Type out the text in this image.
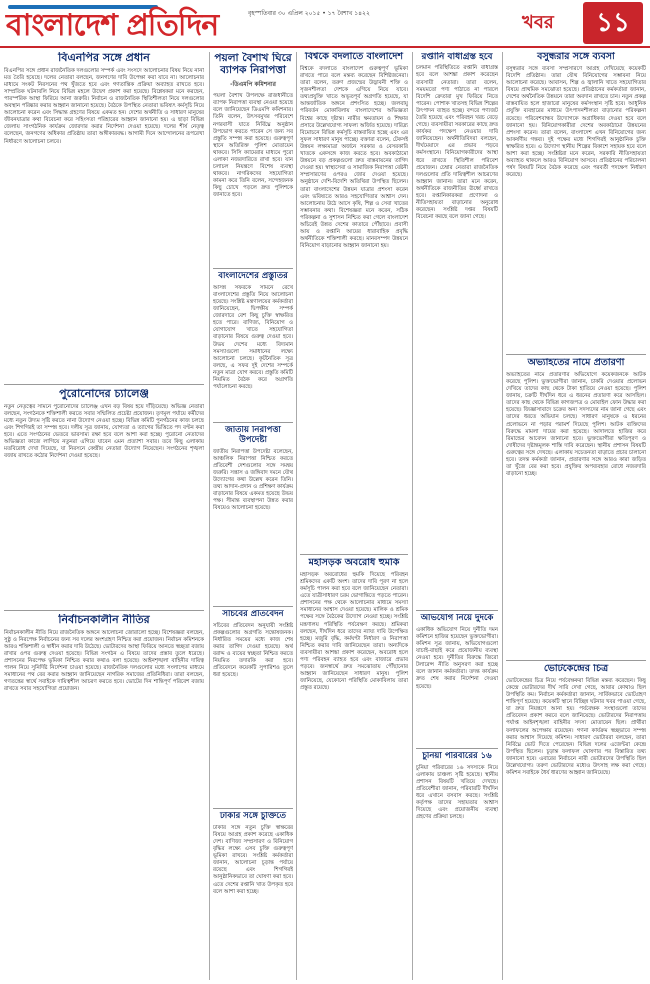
বাংলাদেশ প্রতিদিন	বৃহস্পতিবার ৩০ এপ্রিল ২০১৫ • ১৭ বৈশাখ ১৪২২	খবর	১১
বিএনপির সঙ্গে প্রধান

বিএনপির সঙ্গে প্রধান রাজনৈতিক দলগুলোর সম্পর্ক এবং সংসদে আলোচনার বিষয় নিয়ে নানা মত তৈরি হয়েছে। দলের নেতারা বলছেন, জনগণের দাবি উপেক্ষা করা যাবে না। আলোচনার মাধ্যমে সংকট নিরসনের পথ খুঁজতে হবে এবং গণতান্ত্রিক প্রক্রিয়া অব্যাহত রাখতে হবে। সাম্প্রতিক ঘটনাবলি নিয়ে বিভিন্ন মহলে উদ্বেগ প্রকাশ করা হয়েছে। বিশ্লেষকরা মনে করছেন, পারস্পরিক আস্থা ফিরিয়ে আনা জরুরি। নির্বাচন ও রাজনৈতিক স্থিতিশীলতা নিয়ে দলগুলোর অবস্থান পরিষ্কার করার আহ্বান জানানো হয়েছে। বৈঠকে উপস্থিত নেতারা ভবিষ্যৎ কর্মসূচি নিয়ে আলোচনা করেন এবং সিদ্ধান্ত গ্রহণের বিষয়ে একমত হন। দেশের অর্থনীতি ও সাধারণ মানুষের জীবনযাত্রার কথা বিবেচনা করে সহিংসতা পরিহারের আহ্বান জানানো হয়। এ ছাড়া বিভিন্ন জেলায় সাংগঠনিক কার্যক্রম জোরদার করার নির্দেশনা দেওয়া হয়েছে। দলের শীর্ষ নেতৃত্ব বলেছেন, জনগণের অধিকার প্রতিষ্ঠায় তারা অঙ্গীকারবদ্ধ। আগামী দিনে আন্দোলনের রূপরেখা নির্ধারণে আলোচনা চলবে।

পুরোনোদের চ্যালেঞ্জ

নতুন নেতৃত্বের সামনে পুরোনোদের চ্যালেঞ্জ এখন বড় বিষয় হয়ে দাঁড়িয়েছে। অভিজ্ঞ নেতারা বলছেন, সংগঠনকে শক্তিশালী করতে সবার সম্মিলিত প্রচেষ্টা প্রয়োজন। তৃণমূল পর্যায়ে কর্মীদের মধ্যে নতুন উদ্যম সৃষ্টি করতে নানা উদ্যোগ নেওয়া হচ্ছে। বিভিন্ন কমিটি পুনর্গঠনের কাজ চলছে এবং শিগগিরই তা সম্পন্ন হবে। দলীয় সূত্র জানায়, যোগ্যতা ও ত্যাগের ভিত্তিতে পদ বণ্টন করা হবে। এতে সংগঠনের ভেতরে ভারসাম্য রক্ষা হবে বলে আশা করা হচ্ছে। পুরোনো নেতাদের অভিজ্ঞতা কাজে লাগিয়ে নতুনরা এগিয়ে যাবেন এমন প্রত্যাশা সবার। তবে কিছু এলাকায় মতবিরোধ দেখা দিয়েছে, যা নিরসনে কেন্দ্রীয় নেতারা উদ্যোগ নিয়েছেন। সংগঠনের শৃঙ্খলা বজায় রাখতে কঠোর নির্দেশনা দেওয়া হয়েছে।

নির্বাচনকালীন নীতির

নির্বাচনকালীন নীতি নিয়ে রাজনৈতিক অঙ্গনে আলোচনা জোরালো হচ্ছে। বিশেষজ্ঞরা বলছেন, সুষ্ঠু ও নিরপেক্ষ নির্বাচনের জন্য সব দলের অংশগ্রহণ নিশ্চিত করা প্রয়োজন। নির্বাচন কমিশনকে আরও শক্তিশালী ও স্বাধীন করার দাবি উঠেছে। ভোটারদের আস্থা ফিরিয়ে আনতে স্বচ্ছতা বজায় রাখার ওপর গুরুত্ব দেওয়া হয়েছে। বিভিন্ন সংগঠন এ বিষয়ে তাদের প্রস্তাব তুলে ধরেছে। প্রশাসনের নিরপেক্ষ ভূমিকা নিশ্চিত করার কথাও বলা হয়েছে। আইনশৃঙ্খলা বাহিনীর দায়িত্ব পালন নিয়ে সুনির্দিষ্ট নির্দেশনা চাওয়া হয়েছে। রাজনৈতিক দলগুলোর মধ্যে সংলাপের মাধ্যমে সমাধানের পথ বের করার আহ্বান জানিয়েছেন নাগরিক সমাজের প্রতিনিধিরা। তারা বলছেন, গণতন্ত্রের স্বার্থে সবাইকে দায়িত্বশীল আচরণ করতে হবে। ভোটের দিন শান্তিপূর্ণ পরিবেশ বজায় রাখতে সবার সহযোগিতা প্রয়োজন।

পয়লা বৈশাখ ঘিরে ব্যাপক নিরাপত্তা
-ডিএমপি কমিশনার

পয়লা বৈশাখ উপলক্ষে রাজধানীতে ব্যাপক নিরাপত্তা ব্যবস্থা নেওয়া হয়েছে বলে জানিয়েছেন ডিএমপি কমিশনার। তিনি বলেন, উৎসবমুখর পরিবেশে নগরবাসী যাতে নির্বিঘ্নে অনুষ্ঠান উপভোগ করতে পারেন সে জন্য সব প্রস্তুতি সম্পন্ন করা হয়েছে। গুরুত্বপূর্ণ স্থানে অতিরিক্ত পুলিশ মোতায়েন থাকবে। সিসি ক্যামেরার মাধ্যমে পুরো এলাকা নজরদারিতে রাখা হবে। যান চলাচল নিয়ন্ত্রণে বিশেষ ব্যবস্থা থাকবে। নাগরিকদের সহযোগিতা কামনা করে তিনি বলেন, সন্দেহজনক কিছু চোখে পড়লে দ্রুত পুলিশকে জানাতে হবে।

বাংলাদেশের প্রস্তুতির

আসন্ন সফরকে সামনে রেখে বাংলাদেশের প্রস্তুতি নিয়ে আলোচনা হয়েছে। সংশ্লিষ্ট মন্ত্রণালয়ের কর্মকর্তারা জানিয়েছেন, দ্বিপক্ষীয় সম্পর্ক জোরদারে বেশ কিছু চুক্তি স্বাক্ষরিত হতে পারে। বাণিজ্য, বিনিয়োগ ও যোগাযোগ খাতে সহযোগিতা বাড়ানোর বিষয়ে গুরুত্ব দেওয়া হবে। উভয় দেশের মধ্যে বিদ্যমান সমস্যাগুলো সমাধানের লক্ষ্যে আলোচনা চলছে। কূটনৈতিক সূত্র বলছে, এ সফর দুই দেশের সম্পর্কে নতুন মাত্রা যোগ করবে। প্রস্তুতি কমিটি নিয়মিত বৈঠক করে অগ্রগতি পর্যালোচনা করছে।

জাতীয় নিরাপত্তা উপদেষ্টা

জাতীয় নিরাপত্তা উপদেষ্টা বলেছেন, আঞ্চলিক নিরাপত্তা নিশ্চিত করতে প্রতিবেশী দেশগুলোর সঙ্গে সমন্বয় জরুরি। সন্ত্রাস ও জঙ্গিবাদ দমনে যৌথ উদ্যোগের কথা উল্লেখ করেন তিনি। তথ্য আদান-প্রদান ও প্রশিক্ষণ কার্যক্রম বাড়ানোর বিষয়ে একমত হয়েছে উভয় পক্ষ। সীমান্ত ব্যবস্থাপনা উন্নত করার বিষয়েও আলোচনা হয়েছে।

সচিবের প্রতিবেদন

সচিবের প্রতিবেদন অনুযায়ী সংশ্লিষ্ট প্রকল্পগুলোর অগ্রগতি সন্তোষজনক। নির্ধারিত সময়ের মধ্যে কাজ শেষ করার তাগিদ দেওয়া হয়েছে। অর্থ বরাদ্দ ও ব্যয়ের স্বচ্ছতা নিশ্চিত করতে নিয়মিত তদারকি করা হবে। প্রতিবেদনে কয়েকটি সুপারিশও তুলে ধরা হয়েছে।

ঢাকার সঙ্গে চুক্তিতে

ঢাকার সঙ্গে নতুন চুক্তি স্বাক্ষরের বিষয়ে আগ্রহ প্রকাশ করেছে একাধিক দেশ। বাণিজ্য সম্প্রসারণ ও বিনিয়োগ বৃদ্ধির লক্ষ্যে এসব চুক্তি গুরুত্বপূর্ণ ভূমিকা রাখবে। সংশ্লিষ্ট কর্মকর্তারা জানান, আলোচনা চূড়ান্ত পর্যায়ে রয়েছে এবং শিগগিরই আনুষ্ঠানিকভাবে তা ঘোষণা করা হবে। এতে দেশের রপ্তানি খাত উপকৃত হবে বলে আশা করা হচ্ছে।

বিশ্বকে বদলাতে বাংলাদেশ

বিশ্বকে বদলাতে বাংলাদেশ গুরুত্বপূর্ণ ভূমিকা রাখতে পারে বলে মন্তব্য করেছেন বিশিষ্টজনেরা। তারা বলেন, তরুণ প্রজন্মের উদ্ভাবনী শক্তি ও সৃজনশীলতা দেশকে এগিয়ে নিয়ে যাবে। তথ্যপ্রযুক্তি খাতে অভূতপূর্ব অগ্রগতি হয়েছে, যা আন্তর্জাতিক অঙ্গনে প্রশংসিত হচ্ছে। জলবায়ু পরিবর্তন মোকাবিলায় বাংলাদেশের অভিজ্ঞতা বিশ্বের কাছে দৃষ্টান্ত। নারীর ক্ষমতায়ন ও শিক্ষার প্রসারে উল্লেখযোগ্য সাফল্য অর্জিত হয়েছে। দারিদ্র্য বিমোচনে বিভিন্ন কর্মসূচি বাস্তবায়িত হচ্ছে এবং এর সুফল সাধারণ মানুষ পাচ্ছে। বক্তারা বলেন, টেকসই উন্নয়ন লক্ষ্যমাত্রা অর্জনে সরকার ও বেসরকারি খাতকে একসঙ্গে কাজ করতে হবে। অবকাঠামো উন্নয়নে বড় প্রকল্পগুলো দ্রুত বাস্তবায়নের তাগিদ দেওয়া হয়। স্বাস্থ্যসেবা ও সামাজিক নিরাপত্তা বেষ্টনী সম্প্রসারণের ওপরও জোর দেওয়া হয়েছে। অনুষ্ঠানে দেশি-বিদেশি অতিথিরা উপস্থিত ছিলেন। তারা বাংলাদেশের উন্নয়ন যাত্রার প্রশংসা করেন এবং ভবিষ্যতে আরও সহযোগিতার আশ্বাস দেন। আলোচনায় উঠে আসে কৃষি, শিল্প ও সেবা খাতের সম্ভাবনার কথা। বিশেষজ্ঞরা মনে করেন, সঠিক পরিকল্পনা ও সুশাসন নিশ্চিত করা গেলে বাংলাদেশ অচিরেই উন্নত দেশের কাতারে পৌঁছাবে। প্রবাসী আয় ও রপ্তানি আয়ের ধারাবাহিক প্রবৃদ্ধি অর্থনীতিকে শক্তিশালী করছে। মানবসম্পদ উন্নয়নে বিনিয়োগ বাড়ানোর আহ্বান জানানো হয়।

মহাসড়ক অবরোধ হুমকি

মহাসড়ক অবরোধের হুমকি দিয়েছে পরিবহন শ্রমিকদের একটি অংশ। তাদের দাবি পূরণ না হলে কর্মসূচি পালন করা হবে বলে জানিয়েছেন নেতারা। এতে যাত্রীসাধারণ চরম ভোগান্তিতে পড়তে পারেন। প্রশাসনের পক্ষ থেকে আলোচনার মাধ্যমে সমস্যা সমাধানের আশ্বাস দেওয়া হয়েছে। মালিক ও শ্রমিক পক্ষের সঙ্গে বৈঠকের উদ্যোগ নেওয়া হচ্ছে। সংশ্লিষ্ট মন্ত্রণালয় পরিস্থিতি পর্যবেক্ষণ করছে। শ্রমিকরা বলছেন, দীর্ঘদিন ধরে তাদের ন্যায্য দাবি উপেক্ষিত হচ্ছে। মজুরি বৃদ্ধি, কর্মঘণ্টা নির্ধারণ ও নিরাপত্তা নিশ্চিত করার দাবি জানিয়েছেন তারা। অন্যদিকে ব্যবসায়ীরা আশঙ্কা প্রকাশ করেছেন, অবরোধ হলে পণ্য পরিবহন ব্যাহত হবে এবং বাজারে প্রভাব পড়বে। জনস্বার্থে দ্রুত সমঝোতায় পৌঁছানোর আহ্বান জানিয়েছেন সাধারণ মানুষ। পুলিশ জানিয়েছে, যেকোনো পরিস্থিতি মোকাবিলায় তারা প্রস্তুত রয়েছে।

রপ্তানি বাধাগ্রস্ত হবে

চলমান পরিস্থিতিতে রপ্তানি বাধাগ্রস্ত হবে বলে আশঙ্কা প্রকাশ করেছেন ব্যবসায়ী নেতারা। তারা বলেন, সময়মতো পণ্য পাঠাতে না পারলে বিদেশি ক্রেতারা মুখ ফিরিয়ে নিতে পারেন। পোশাক খাতসহ বিভিন্ন শিল্পের উৎপাদন ব্যাহত হচ্ছে। বন্দরে পণ্যজট তৈরি হয়েছে এবং পরিবহন খরচ বেড়ে গেছে। ব্যবসায়ীরা সরকারের কাছে দ্রুত কার্যকর পদক্ষেপ নেওয়ার দাবি জানিয়েছেন। অর্থনীতিবিদরা বলছেন, দীর্ঘমেয়াদে এর প্রভাব পড়বে কর্মসংস্থানে। বিনিয়োগকারীদের আস্থা ধরে রাখতে স্থিতিশীল পরিবেশ প্রয়োজন। চেম্বার নেতারা রাজনৈতিক দলগুলোর প্রতি দায়িত্বশীল আচরণের আহ্বান জানান। তারা মনে করেন, অর্থনীতিকে রাজনীতির ঊর্ধ্বে রাখতে হবে। রপ্তানিকারকরা প্রণোদনা ও নীতিসহায়তা বাড়ানোর অনুরোধ করেছেন। সংশ্লিষ্ট দপ্তর বিষয়টি বিবেচনা করছে বলে জানা গেছে।

অভিযোগ নিয়ে দুদকে

একাধিক অভিযোগ নিয়ে দুর্নীতি দমন কমিশনে হাজির হয়েছেন ভুক্তভোগীরা। কমিশন সূত্র জানায়, অভিযোগগুলো যাচাই-বাছাই করে প্রয়োজনীয় ব্যবস্থা নেওয়া হবে। দুর্নীতির বিরুদ্ধে জিরো টলারেন্স নীতি অনুসরণ করা হচ্ছে বলে জানান কর্মকর্তারা। তদন্ত কার্যক্রম দ্রুত শেষ করার নির্দেশনা দেওয়া হয়েছে।

চুনিয়া পরিবারের ১৬

চুনিয়া পরিবারের ১৬ সদস্যকে নিয়ে এলাকায় চাঞ্চল্য সৃষ্টি হয়েছে। স্থানীয় প্রশাসন বিষয়টি খতিয়ে দেখছে। প্রতিবেশীরা জানান, পরিবারটি দীর্ঘদিন ধরে এখানে বসবাস করছে। সংশ্লিষ্ট কর্তৃপক্ষ তাদের সহায়তার আশ্বাস দিয়েছে এবং প্রয়োজনীয় ব্যবস্থা গ্রহণের প্রক্রিয়া চলছে।

বসুন্ধরার সঙ্গে ব্যবসা

বসুন্ধরার সঙ্গে ব্যবসা সম্প্রসারণে আগ্রহ দেখিয়েছে কয়েকটি বিদেশি প্রতিষ্ঠান। তারা যৌথ বিনিয়োগের সম্ভাবনা নিয়ে আলোচনা করেছে। আবাসন, শিল্প ও জ্বালানি খাতে সহযোগিতার বিষয়ে প্রাথমিক সমঝোতা হয়েছে। প্রতিষ্ঠানের কর্মকর্তারা জানান, দেশের অর্থনৈতিক উন্নয়নে তারা অবদান রাখতে চান। নতুন প্রকল্প বাস্তবায়িত হলে হাজারো মানুষের কর্মসংস্থান সৃষ্টি হবে। আধুনিক প্রযুক্তি ব্যবহারের মাধ্যমে উৎপাদনশীলতা বাড়ানোর পরিকল্পনা রয়েছে। পরিবেশবান্ধব উদ্যোগকে অগ্রাধিকার দেওয়া হবে বলে জানানো হয়। বিনিয়োগকারীরা দেশের অবকাঠামো উন্নয়নের প্রশংসা করেন। তারা বলেন, বাংলাদেশ এখন বিনিয়োগের জন্য আকর্ষণীয় গন্তব্য। দুই পক্ষের মধ্যে শিগগিরই আনুষ্ঠানিক চুক্তি স্বাক্ষরিত হবে। এ উদ্যোগ স্থানীয় শিল্পের বিকাশে সহায়ক হবে বলে আশা করা হচ্ছে। সংশ্লিষ্টরা মনে করেন, সরকারি নীতিসহায়তা অব্যাহত থাকলে আরও বিনিয়োগ আসবে। প্রতিষ্ঠানের পরিচালনা পর্ষদ বিষয়টি নিয়ে বৈঠক করেছে এবং পরবর্তী পদক্ষেপ নির্ধারণ করেছে।

অভ্যাহতের নামে প্রতারণা

অভ্যাহতের নামে প্রতারণার অভিযোগে কয়েকজনকে আটক করেছে পুলিশ। ভুক্তভোগীরা জানান, চাকরি দেওয়ার প্রলোভন দেখিয়ে তাদের কাছ থেকে টাকা হাতিয়ে নেওয়া হয়েছে। পুলিশ জানায়, চক্রটি দীর্ঘদিন ধরে এ ধরনের প্রতারণা করে আসছিল। তাদের কাছ থেকে বিভিন্ন কাগজপত্র ও মোবাইল ফোন উদ্ধার করা হয়েছে। জিজ্ঞাসাবাদে চক্রের অন্য সদস্যদের নাম জানা গেছে এবং তাদের ধরতে অভিযান চলছে। সাধারণ মানুষকে এ ধরনের প্রলোভনে না পড়ার পরামর্শ দিয়েছে পুলিশ। আটক ব্যক্তিদের বিরুদ্ধে মামলা দায়ের করা হয়েছে। আদালতে হাজির করে রিমান্ডের আবেদন জানানো হবে। ভুক্তভোগীরা ক্ষতিপূরণ ও দোষীদের দৃষ্টান্তমূলক শাস্তি দাবি করেছেন। স্থানীয় প্রশাসন বিষয়টি গুরুত্বের সঙ্গে দেখছে। এলাকায় সচেতনতা বাড়াতে প্রচার চালানো হবে। তদন্ত কর্মকর্তা জানান, প্রতারণার সঙ্গে আরও কারা জড়িত তা খুঁজে বের করা হবে। প্রযুক্তির অপব্যবহার রোধে নজরদারি বাড়ানো হচ্ছে।

ভোটকেন্দ্রের চিত্র

ভোটকেন্দ্রের চিত্র নিয়ে পর্যবেক্ষকরা বিভিন্ন মন্তব্য করেছেন। কিছু কেন্দ্রে ভোটারদের দীর্ঘ সারি দেখা গেছে, আবার কোথাও ছিল উপস্থিতি কম। নির্বাচন কর্মকর্তারা জানান, সার্বিকভাবে ভোটগ্রহণ শান্তিপূর্ণ হয়েছে। কয়েকটি স্থানে বিচ্ছিন্ন ঘটনার খবর পাওয়া গেছে, যা দ্রুত নিয়ন্ত্রণে আনা হয়। পর্যবেক্ষক সংস্থাগুলো তাদের প্রতিবেদন প্রকাশ করবে বলে জানিয়েছে। ভোটারদের নিরাপত্তায় পর্যাপ্ত আইনশৃঙ্খলা বাহিনীর সদস্য মোতায়েন ছিল। প্রার্থীরা ফলাফলের অপেক্ষায় রয়েছেন। গণনা কার্যক্রম স্বচ্ছভাবে সম্পন্ন করার আশ্বাস দিয়েছে কমিশন। সাধারণ ভোটাররা বলছেন, তারা নির্বিঘ্নে ভোট দিতে পেরেছেন। বিভিন্ন দলের এজেন্টরা কেন্দ্রে উপস্থিত ছিলেন। চূড়ান্ত ফলাফল ঘোষণার পর বিস্তারিত তথ্য জানানো হবে। এবারের নির্বাচনে নারী ভোটারদের উপস্থিতি ছিল উল্লেখযোগ্য। তরুণ ভোটারদের মধ্যেও উৎসাহ লক্ষ করা গেছে। কমিশন সবাইকে ধৈর্য ধারণের আহ্বান জানিয়েছে।
